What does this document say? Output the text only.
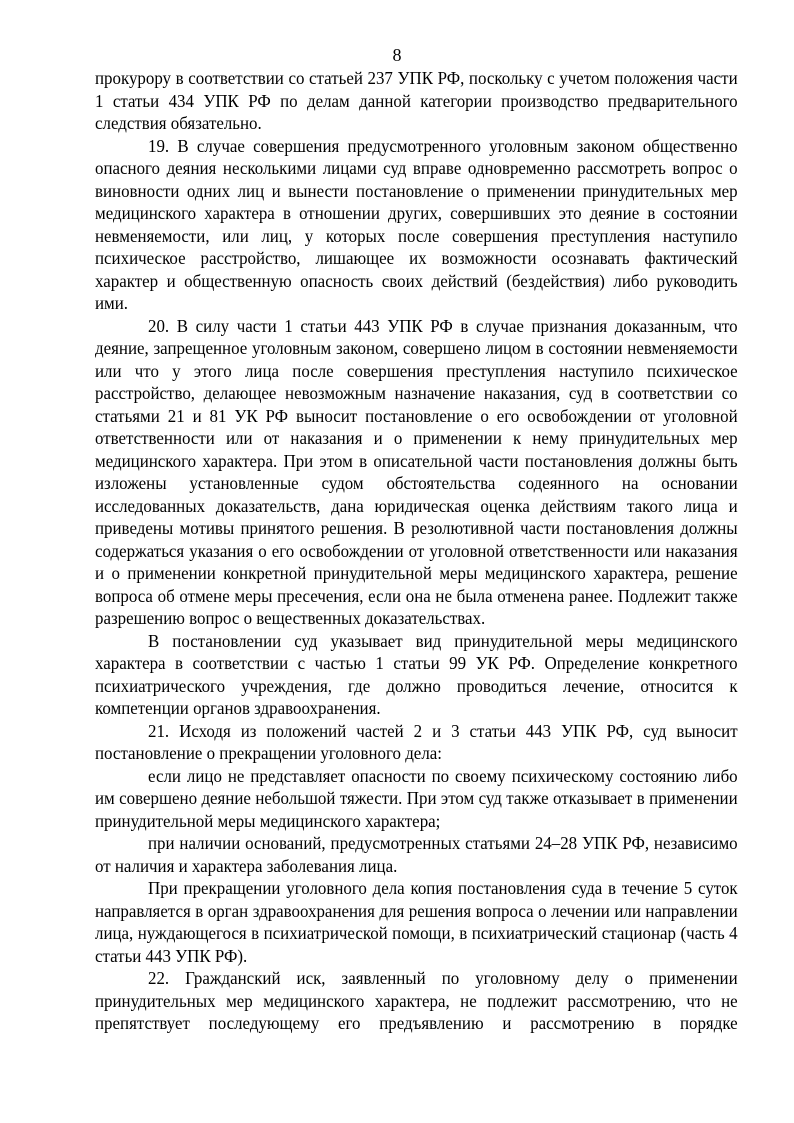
8

прокурору в соответствии со статьей 237 УПК РФ, поскольку с учетом положения части 1 статьи 434 УПК РФ по делам данной категории производство предварительного следствия обязательно.

19. В случае совершения предусмотренного уголовным законом общественно опасного деяния несколькими лицами суд вправе одновременно рассмотреть вопрос о виновности одних лиц и вынести постановление о применении принудительных мер медицинского характера в отношении других, совершивших это деяние в состоянии невменяемости, или лиц, у которых после совершения преступления наступило психическое расстройство, лишающее их возможности осознавать фактический характер и общественную опасность своих действий (бездействия) либо руководить ими.

20. В силу части 1 статьи 443 УПК РФ в случае признания доказанным, что деяние, запрещенное уголовным законом, совершено лицом в состоянии невменяемости или что у этого лица после совершения преступления наступило психическое расстройство, делающее невозможным назначение наказания, суд в соответствии со статьями 21 и 81 УК РФ выносит постановление о его освобождении от уголовной ответственности или от наказания и о применении к нему принудительных мер медицинского характера. При этом в описательной части постановления должны быть изложены установленные судом обстоятельства содеянного на основании исследованных доказательств, дана юридическая оценка действиям такого лица и приведены мотивы принятого решения. В резолютивной части постановления должны содержаться указания о его освобождении от уголовной ответственности или наказания и о применении конкретной принудительной меры медицинского характера, решение вопроса об отмене меры пресечения, если она не была отменена ранее. Подлежит также разрешению вопрос о вещественных доказательствах.

В постановлении суд указывает вид принудительной меры медицинского характера в соответствии с частью 1 статьи 99 УК РФ. Определение конкретного психиатрического учреждения, где должно проводиться лечение, относится к компетенции органов здравоохранения.

21. Исходя из положений частей 2 и 3 статьи 443 УПК РФ, суд выносит постановление о прекращении уголовного дела:

если лицо не представляет опасности по своему психическому состоянию либо им совершено деяние небольшой тяжести. При этом суд также отказывает в применении принудительной меры медицинского характера;

при наличии оснований, предусмотренных статьями 24–28 УПК РФ, независимо от наличия и характера заболевания лица.

При прекращении уголовного дела копия постановления суда в течение 5 суток направляется в орган здравоохранения для решения вопроса о лечении или направлении лица, нуждающегося в психиатрической помощи, в психиатрический стационар (часть 4 статьи 443 УПК РФ).

22. Гражданский иск, заявленный по уголовному делу о применении принудительных мер медицинского характера, не подлежит рассмотрению, что не препятствует последующему его предъявлению и рассмотрению в порядке
